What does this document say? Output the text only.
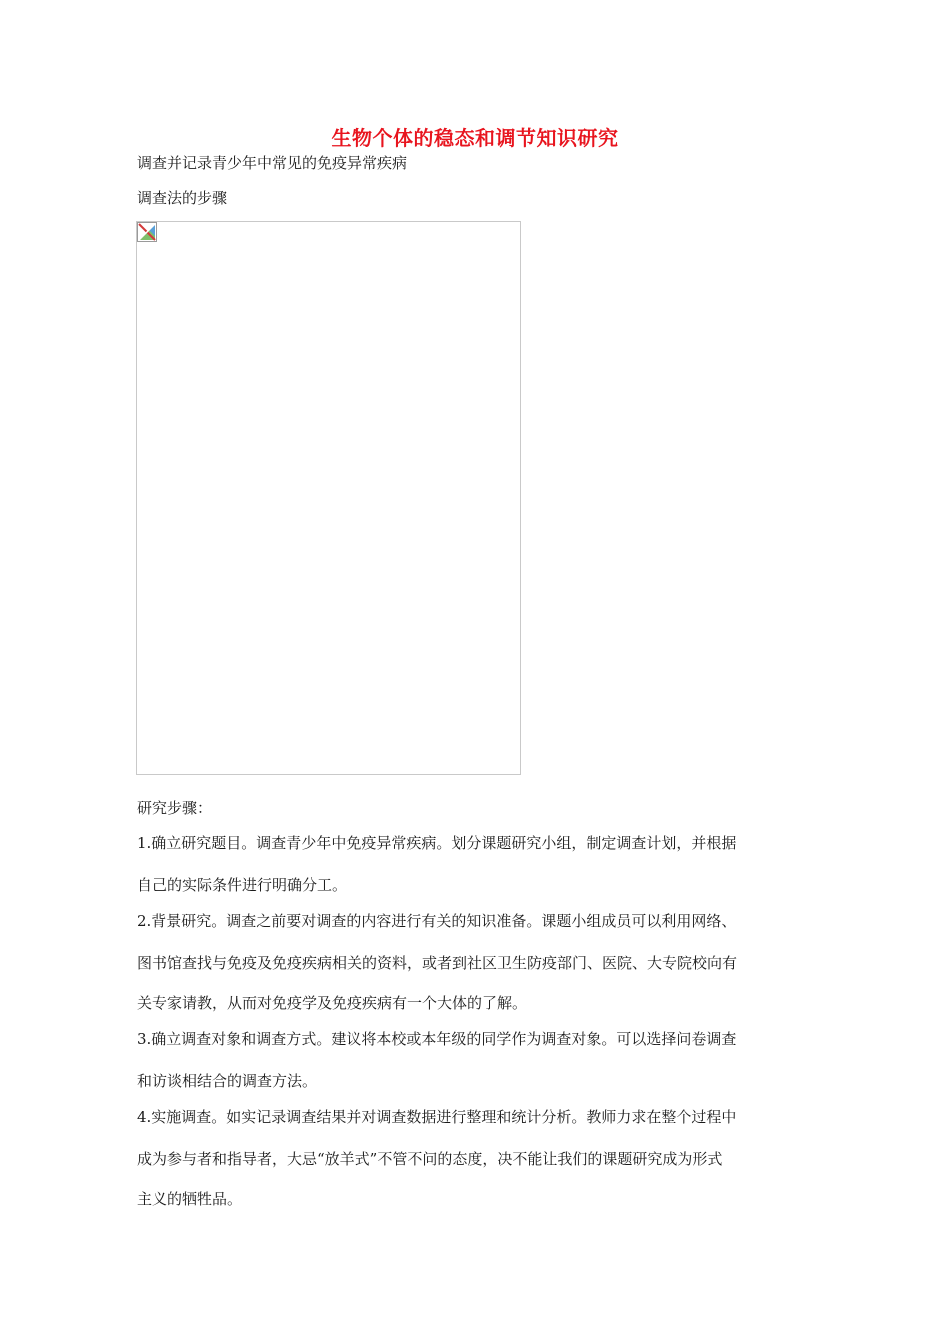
生物个体的稳态和调节知识研究
调查并记录青少年中常见的免疫异常疾病
调查法的步骤
研究步骤：
1.确立研究题目。调查青少年中免疫异常疾病。划分课题研究小组，制定调查计划，并根据
自己的实际条件进行明确分工。
2.背景研究。调查之前要对调查的内容进行有关的知识准备。课题小组成员可以利用网络、
图书馆查找与免疫及免疫疾病相关的资料，或者到社区卫生防疫部门、医院、大专院校向有
关专家请教，从而对免疫学及免疫疾病有一个大体的了解。
3.确立调查对象和调查方式。建议将本校或本年级的同学作为调查对象。可以选择问卷调查
和访谈相结合的调查方法。
4.实施调查。如实记录调查结果并对调查数据进行整理和统计分析。教师力求在整个过程中
成为参与者和指导者，大忌“放羊式”不管不问的态度，决不能让我们的课题研究成为形式
主义的牺牲品。
